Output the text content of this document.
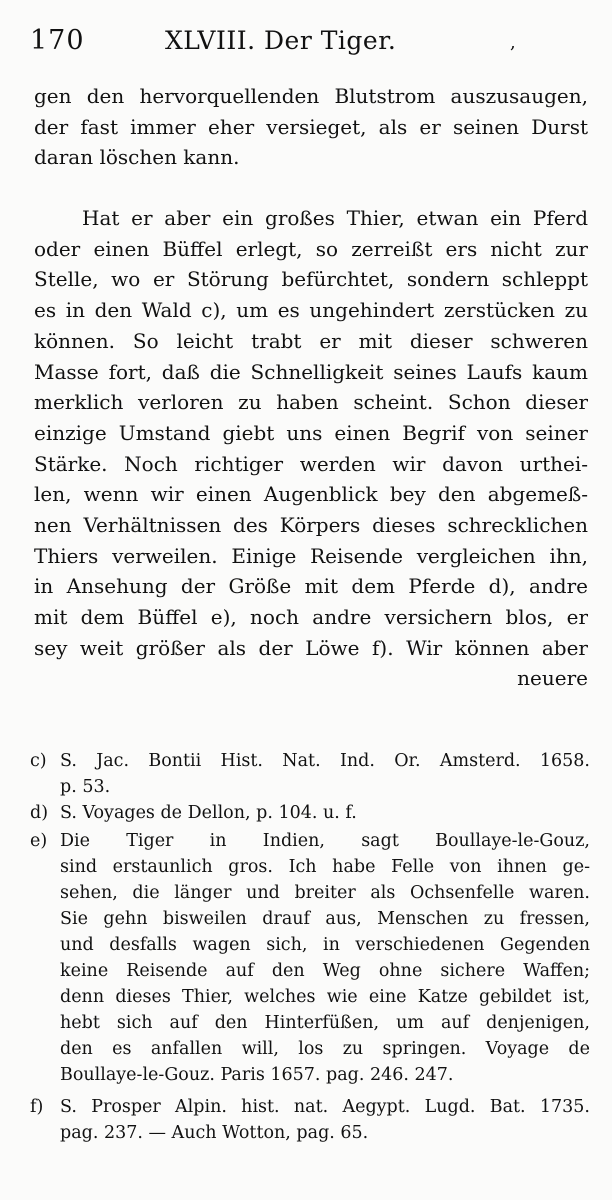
170	XLVIII. Der Tiger.	,
gen den hervorquellenden Blutstrom auszusaugen,
der fast immer eher versieget, als er seinen Durst
daran löschen kann.
Hat er aber ein großes Thier, etwan ein Pferd
oder einen Büffel erlegt, so zerreißt ers nicht zur
Stelle, wo er Störung befürchtet, sondern schleppt
es in den Wald c), um es ungehindert zerstücken zu
können. So leicht trabt er mit dieser schweren
Masse fort, daß die Schnelligkeit seines Laufs kaum
merklich verloren zu haben scheint. Schon dieser
einzige Umstand giebt uns einen Begrif von seiner
Stärke. Noch richtiger werden wir davon urthei-
len, wenn wir einen Augenblick bey den abgemeß-
nen Verhältnissen des Körpers dieses schrecklichen
Thiers verweilen. Einige Reisende vergleichen ihn,
in Ansehung der Größe mit dem Pferde d), andre
mit dem Büffel e), noch andre versichern blos, er
sey weit größer als der Löwe f). Wir können aber
neuere
c) S. Jac. Bontii Hist. Nat. Ind. Or. Amsterd. 1658.
p. 53.
d) S. Voyages de Dellon, p. 104. u. f.
e) Die Tiger in Indien, sagt Boullaye-le-Gouz,
sind erstaunlich gros. Ich habe Felle von ihnen ge-
sehen, die länger und breiter als Ochsenfelle waren.
Sie gehn bisweilen drauf aus, Menschen zu fressen,
und desfalls wagen sich, in verschiedenen Gegenden
keine Reisende auf den Weg ohne sichere Waffen;
denn dieses Thier, welches wie eine Katze gebildet ist,
hebt sich auf den Hinterfüßen, um auf denjenigen,
den es anfallen will, los zu springen. Voyage de
Boullaye-le-Gouz. Paris 1657. pag. 246. 247.
f) S. Prosper Alpin. hist. nat. Aegypt. Lugd. Bat. 1735.
pag. 237. — Auch Wotton, pag. 65.
